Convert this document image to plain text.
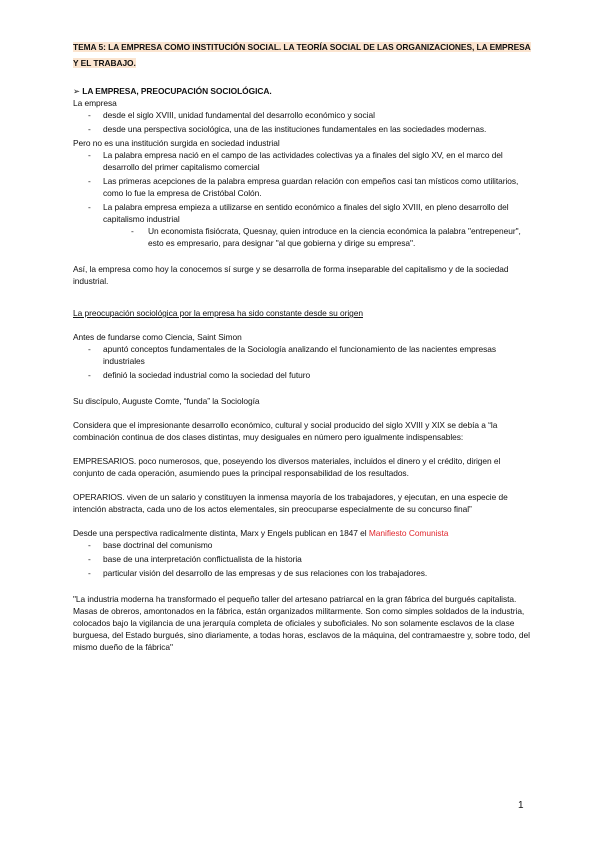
TEMA 5: LA EMPRESA COMO INSTITUCIÓN SOCIAL. LA TEORÍA SOCIAL DE LAS ORGANIZACIONES, LA EMPRESA Y EL TRABAJO.

➢ LA EMPRESA, PREOCUPACIÓN SOCIOLÓGICA.

La empresa

- desde el siglo XVIII, unidad fundamental del desarrollo económico y social
- desde una perspectiva sociológica, una de las instituciones fundamentales en las sociedades modernas.

Pero no es una institución surgida en sociedad industrial

- La palabra empresa nació en el campo de las actividades colectivas ya a finales del siglo XV, en el marco del desarrollo del primer capitalismo comercial
- Las primeras acepciones de la palabra empresa guardan relación con empeños casi tan místicos como utilitarios, como lo fue la empresa de Cristóbal Colón.
- La palabra empresa empieza a utilizarse en sentido económico a finales del siglo XVIII, en pleno desarrollo del capitalismo industrial
- Un economista fisiócrata, Quesnay, quien introduce en la ciencia económica la palabra "entrepeneur", esto es empresario, para designar "al que gobierna y dirige su empresa".

Así, la empresa como hoy la conocemos sí surge y se desarrolla de forma inseparable del capitalismo y de la sociedad industrial.

La preocupación sociológica por la empresa ha sido constante desde su origen

Antes de fundarse como Ciencia, Saint Simon

- apuntó conceptos fundamentales de la Sociología analizando el funcionamiento de las nacientes empresas industriales
- definió la sociedad industrial como la sociedad del futuro

Su discípulo, Auguste Comte, “funda” la Sociología

Considera que el impresionante desarrollo económico, cultural y social producido del siglo XVIII y XIX se debía a “la combinación continua de dos clases distintas, muy desiguales en número pero igualmente indispensables:

EMPRESARIOS. poco numerosos, que, poseyendo los diversos materiales, incluidos el dinero y el crédito, dirigen el conjunto de cada operación, asumiendo pues la principal responsabilidad de los resultados.

OPERARIOS. viven de un salario y constituyen la inmensa mayoría de los trabajadores, y ejecutan, en una especie de intención abstracta, cada uno de los actos elementales, sin preocuparse especialmente de su concurso final”

Desde una perspectiva radicalmente distinta, Marx y Engels publican en 1847 el Manifiesto Comunista

- base doctrinal del comunismo
- base de una interpretación conflictualista de la historia
- particular visión del desarrollo de las empresas y de sus relaciones con los trabajadores.

"La industria moderna ha transformado el pequeño taller del artesano patriarcal en la gran fábrica del burgués capitalista. Masas de obreros, amontonados en la fábrica, están organizados militarmente. Son como simples soldados de la industria, colocados bajo la vigilancia de una jerarquía completa de oficiales y suboficiales. No son solamente esclavos de la clase burguesa, del Estado burgués, sino diariamente, a todas horas, esclavos de la máquina, del contramaestre y, sobre todo, del mismo dueño de la fábrica"

1
